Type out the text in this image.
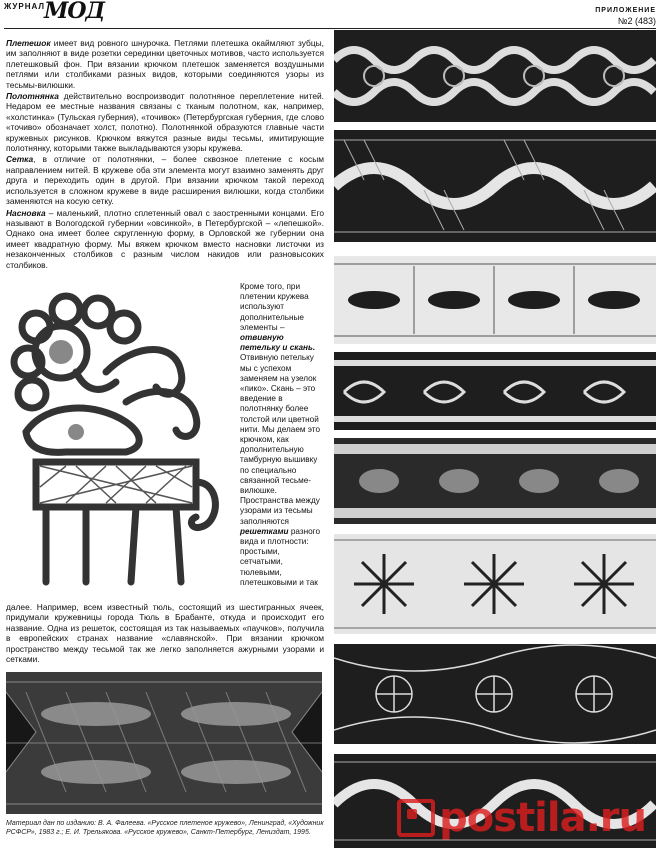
ЖУРНАЛ
МОД	ПРИЛОЖЕНИЕ
№2 (483)

Плетешок имеет вид ровного шнурочка. Петлями плетешка окаймляют зубцы, им заполняют в виде розетки серединки цветочных мотивов, часто используется плетешковый фон. При вязании крючком плетешок заменяется воздушными петлями или столбиками разных видов, которыми соединяются узоры из тесьмы-вилюшки.

Полотнянка действительно воспроизводит полотняное переплетение нитей. Недаром ее местные названия связаны с тканым полотном, как, например, «холстинка» (Тульская губерния), «точивок» (Петербургская губерния, где слово «точиво» обозначает холст, полотно). Полотнянкой образуются главные части кружевных рисунков. Крючком вяжутся разные виды тесьмы, имитирующие полотнянку, которыми также выкладываются узоры кружева.

Сетка, в отличие от полотнянки, – более сквозное плетение с косым направлением нитей. В кружеве оба эти элемента могут взаимно заменять друг друга и переходить один в другой. При вязании крючком такой переход используется в сложном кружеве в виде расширения вилюшки, когда столбики заменяются на косую сетку.

Насновка – маленький, плотно сплетенный овал с заостренными концами. Его называют в Вологодской губернии «овсинкой», в Петербургской – «лепешкой». Однако она имеет более скругленную форму, в Орловской же губернии она имеет квадратную форму. Мы вяжем крючком вместо насновки листочки из незаконченных столбиков с разным числом накидов или разновысоких столбиков.

Кроме того, при плетении кружева используют дополнительные элементы – отвивную петельку и скань. Отвивную петельку мы с успехом заменяем на узелок «пико». Скань – это введение в полотнянку более толстой или цветной нити. Мы делаем это крючком, как дополнительную тамбурную вышивку по специально связанной тесьме-вилюшке. Пространства между узорами из тесьмы заполняются решетками разного вида и плотности: простыми, сетчатыми, тюлевыми, плетешковыми и так
далее. Например, всем известный тюль, состоящий из шестигранных ячеек, придумали кружевницы города Тюль в Брабанте, откуда и происходит его название. Одна из решеток, состоящая из так называемых «паучков», получила в европейских странах название «славянской». При вязании крючком пространство между тесьмой так же легко заполняется ажурными узорами и сетками.
Материал дан по изданию: В. А. Фалеева. «Русское плетеное кружево», Ленинград, «Художник РСФСР», 1983 г.; Е. И. Трельякова. «Русское кружево», Санкт-Петербург, Лениздат, 1995.	postila.ru
